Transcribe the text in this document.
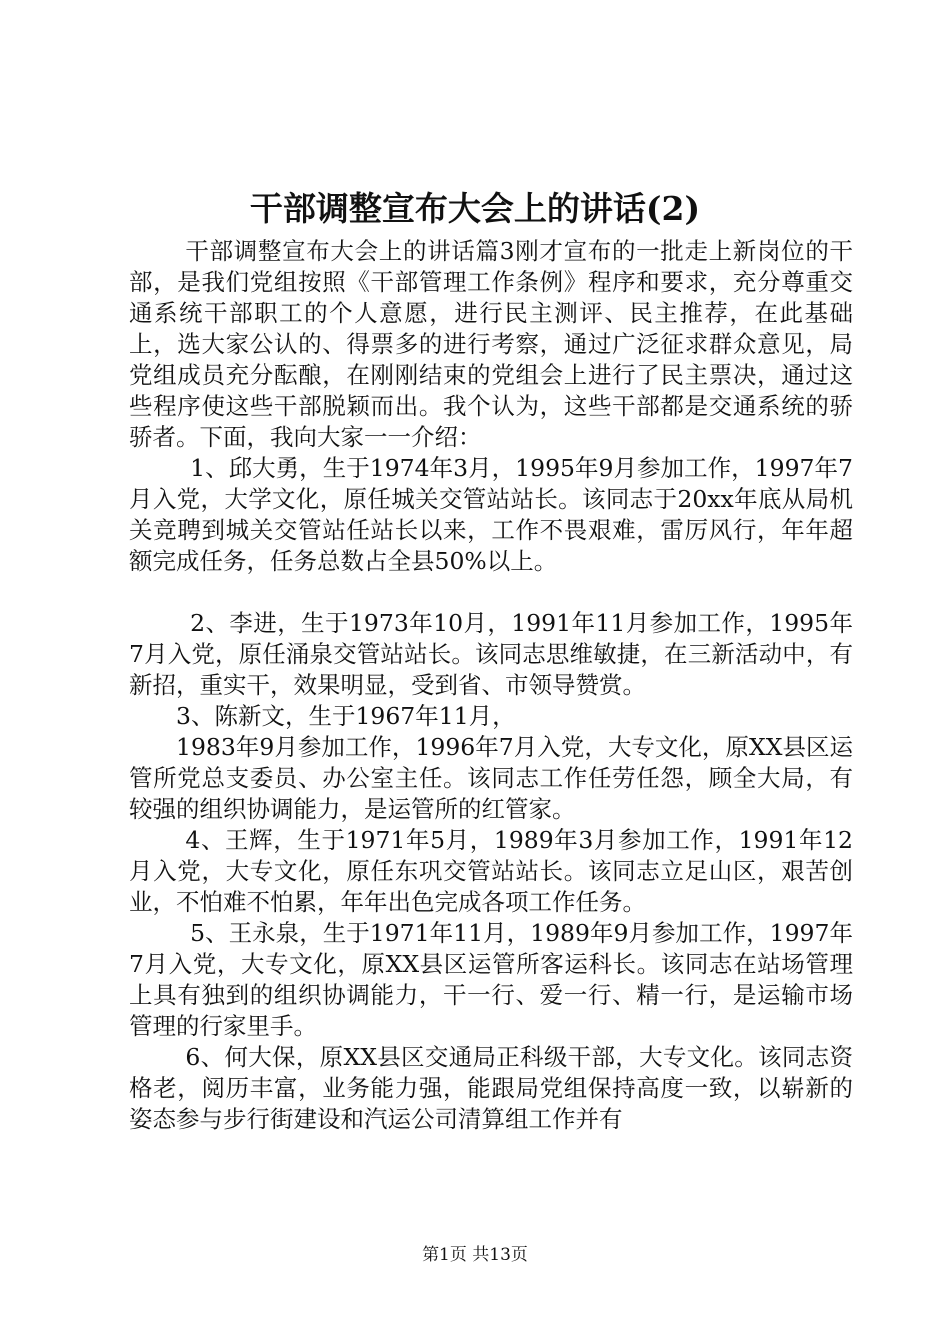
干部调整宣布大会上的讲话(2)

干部调整宣布大会上的讲话篇3刚才宣布的一批走上新岗位的干部，是我们党组按照《干部管理工作条例》程序和要求，充分尊重交通系统干部职工的个人意愿，进行民主测评、民主推荐，在此基础上，选大家公认的、得票多的进行考察，通过广泛征求群众意见，局党组成员充分酝酿，在刚刚结束的党组会上进行了民主票决，通过这些程序使这些干部脱颖而出。我个认为，这些干部都是交通系统的骄骄者。下面，我向大家一一介绍：

1、邱大勇，生于1974年3月，1995年9月参加工作，1997年7月入党，大学文化，原任城关交管站站长。该同志于20xx年底从局机关竞聘到城关交管站任站长以来，工作不畏艰难，雷厉风行，年年超额完成任务，任务总数占全县50%以上。

2、李进，生于1973年10月，1991年11月参加工作，1995年7月入党，原任涌泉交管站站长。该同志思维敏捷，在三新活动中，有新招，重实干，效果明显，受到省、市领导赞赏。

3、陈新文，生于1967年11月，

1983年9月参加工作，1996年7月入党，大专文化，原XX县区运管所党总支委员、办公室主任。该同志工作任劳任怨，顾全大局，有较强的组织协调能力，是运管所的红管家。

4、王辉，生于1971年5月，1989年3月参加工作，1991年12月入党，大专文化，原任东巩交管站站长。该同志立足山区，艰苦创业，不怕难不怕累，年年出色完成各项工作任务。

5、王永泉，生于1971年11月，1989年9月参加工作，1997年7月入党，大专文化，原XX县区运管所客运科长。该同志在站场管理上具有独到的组织协调能力，干一行、爱一行、精一行，是运输市场管理的行家里手。

6、何大保，原XX县区交通局正科级干部，大专文化。该同志资格老，阅历丰富，业务能力强，能跟局党组保持高度一致，以崭新的姿态参与步行街建设和汽运公司清算组工作并有

第1页 共13页
